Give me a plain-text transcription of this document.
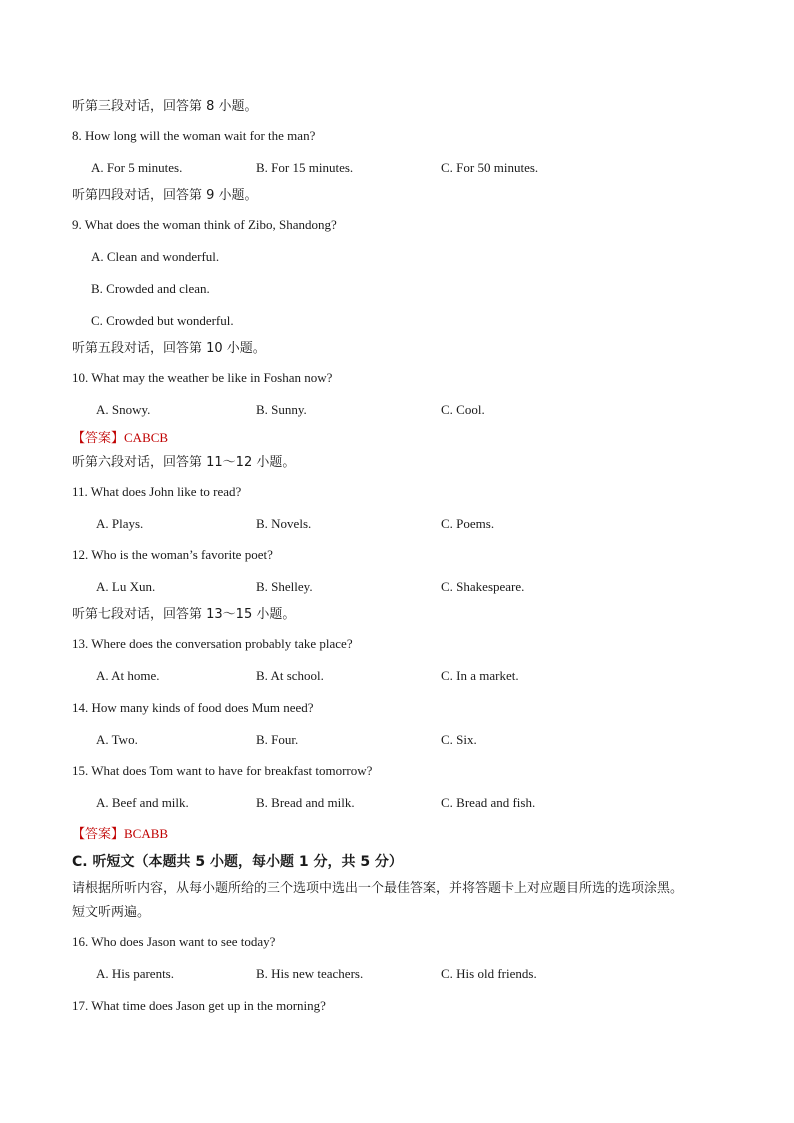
听第三段对话，回答第 8 小题。
8. How long will the woman wait for the man?
A. For 5 minutes.	B. For 15 minutes.	C. For 50 minutes.
听第四段对话，回答第 9 小题。
9. What does the woman think of Zibo, Shandong?
A. Clean and wonderful.
B. Crowded and clean.
C. Crowded but wonderful.
听第五段对话，回答第 10 小题。
10. What may the weather be like in Foshan now?
A. Snowy.	B. Sunny.	C. Cool.
【答案】CABCB
听第六段对话，回答第 11～12 小题。
11. What does John like to read?
A. Plays.	B. Novels.	C. Poems.
12. Who is the woman’s favorite poet?
A. Lu Xun.	B. Shelley.	C. Shakespeare.
听第七段对话，回答第 13～15 小题。
13. Where does the conversation probably take place?
A. At home.	B. At school.	C. In a market.
14. How many kinds of food does Mum need?
A. Two.	B. Four.	C. Six.
15. What does Tom want to have for breakfast tomorrow?
A. Beef and milk.	B. Bread and milk.	C. Bread and fish.
【答案】BCABB
C. 听短文（本题共 5 小题，每小题 1 分，共 5 分）
请根据所听内容，从每小题所给的三个选项中选出一个最佳答案，并将答题卡上对应题目所选的选项涂黑。
短文听两遍。
16. Who does Jason want to see today?
A. His parents.	B. His new teachers.	C. His old friends.
17. What time does Jason get up in the morning?
